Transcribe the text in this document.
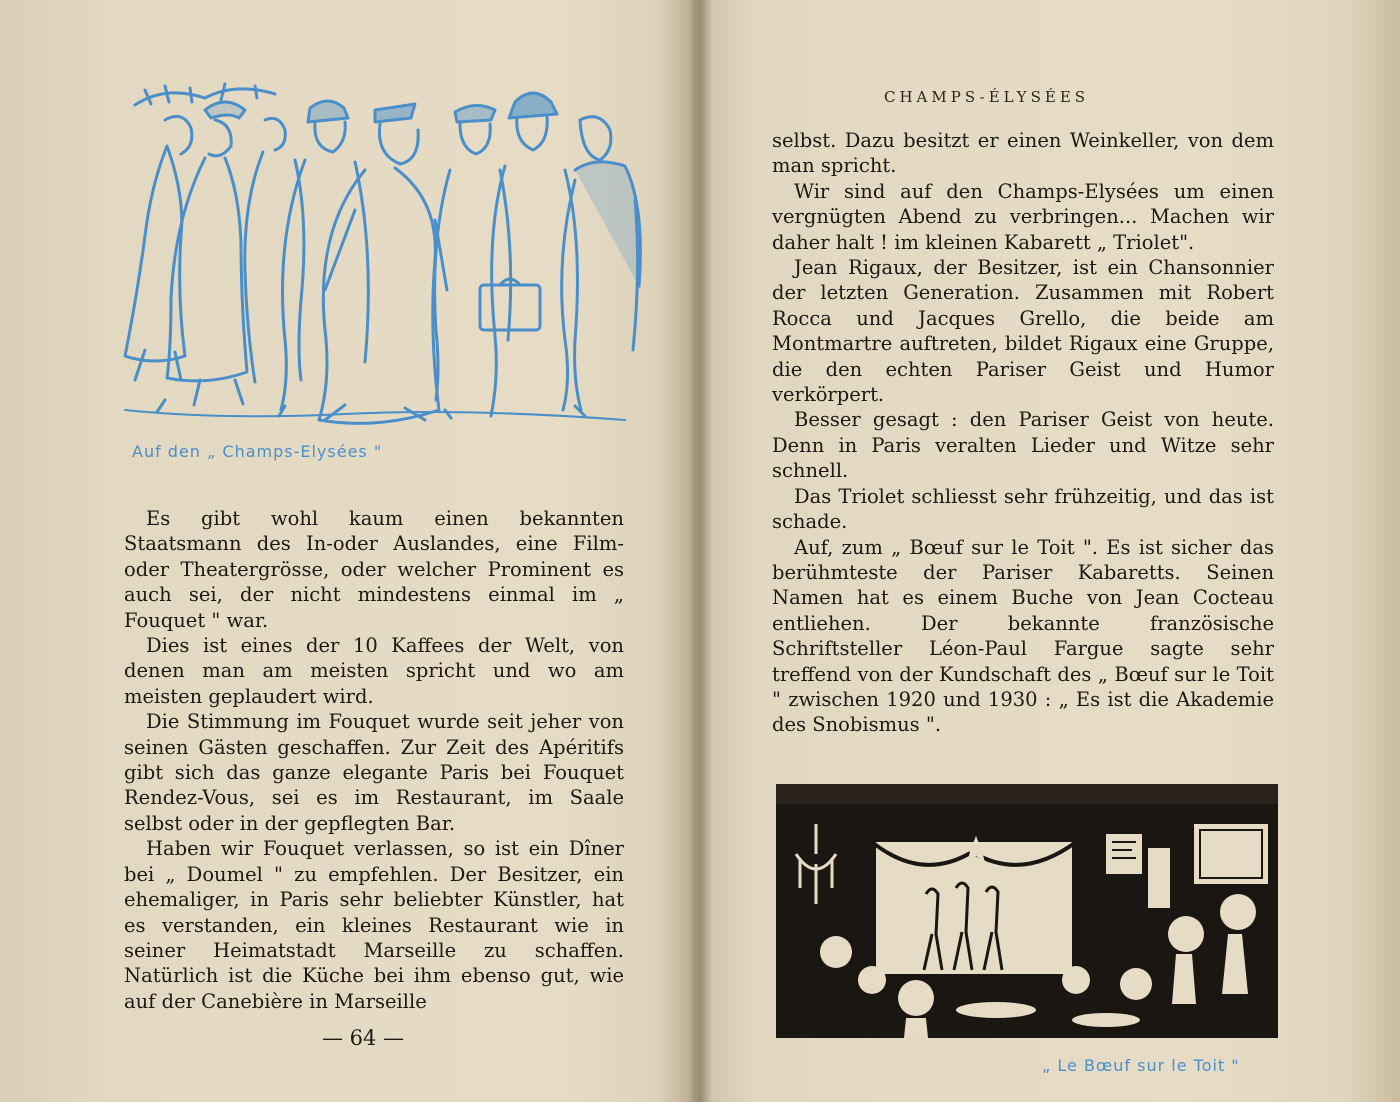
Auf den „ Champs-Elysées "

Es gibt wohl kaum einen bekannten Staatsmann des In-oder Auslandes, eine Film- oder Theatergrösse, oder welcher Prominent es auch sei, der nicht mindestens einmal im „ Fouquet " war.

Dies ist eines der 10 Kaffees der Welt, von denen man am meisten spricht und wo am meisten geplaudert wird.

Die Stimmung im Fouquet wurde seit jeher von seinen Gästen geschaffen. Zur Zeit des Apéritifs gibt sich das ganze elegante Paris bei Fouquet Rendez-Vous, sei es im Restaurant, im Saale selbst oder in der gepflegten Bar.

Haben wir Fouquet verlassen, so ist ein Dîner bei „ Doumel " zu empfehlen. Der Besitzer, ein ehemaliger, in Paris sehr beliebter Künstler, hat es verstanden, ein kleines Restaurant wie in seiner Heimatstadt Marseille zu schaffen. Natürlich ist die Küche bei ihm ebenso gut, wie auf der Canebière in Marseille

— 64 —
CHAMPS-ÉLYSÉES

selbst. Dazu besitzt er einen Weinkeller, von dem man spricht.

Wir sind auf den Champs-Elysées um einen vergnügten Abend zu verbringen... Machen wir daher halt ! im kleinen Kabarett „ Triolet".

Jean Rigaux, der Besitzer, ist ein Chansonnier der letzten Generation. Zusammen mit Robert Rocca und Jacques Grello, die beide am Montmartre auftreten, bildet Rigaux eine Gruppe, die den echten Pariser Geist und Humor verkörpert.

Besser gesagt : den Pariser Geist von heute. Denn in Paris veralten Lieder und Witze sehr schnell.

Das Triolet schliesst sehr frühzeitig, und das ist schade.

Auf, zum „ Bœuf sur le Toit ". Es ist sicher das berühmteste der Pariser Kabaretts. Seinen Namen hat es einem Buche von Jean Cocteau entliehen. Der bekannte französische Schriftsteller Léon-Paul Fargue sagte sehr treffend von der Kundschaft des „ Bœuf sur le Toit " zwischen 1920 und 1930 : „ Es ist die Akademie des Snobismus ".

„ Le Bœuf sur le Toit "
